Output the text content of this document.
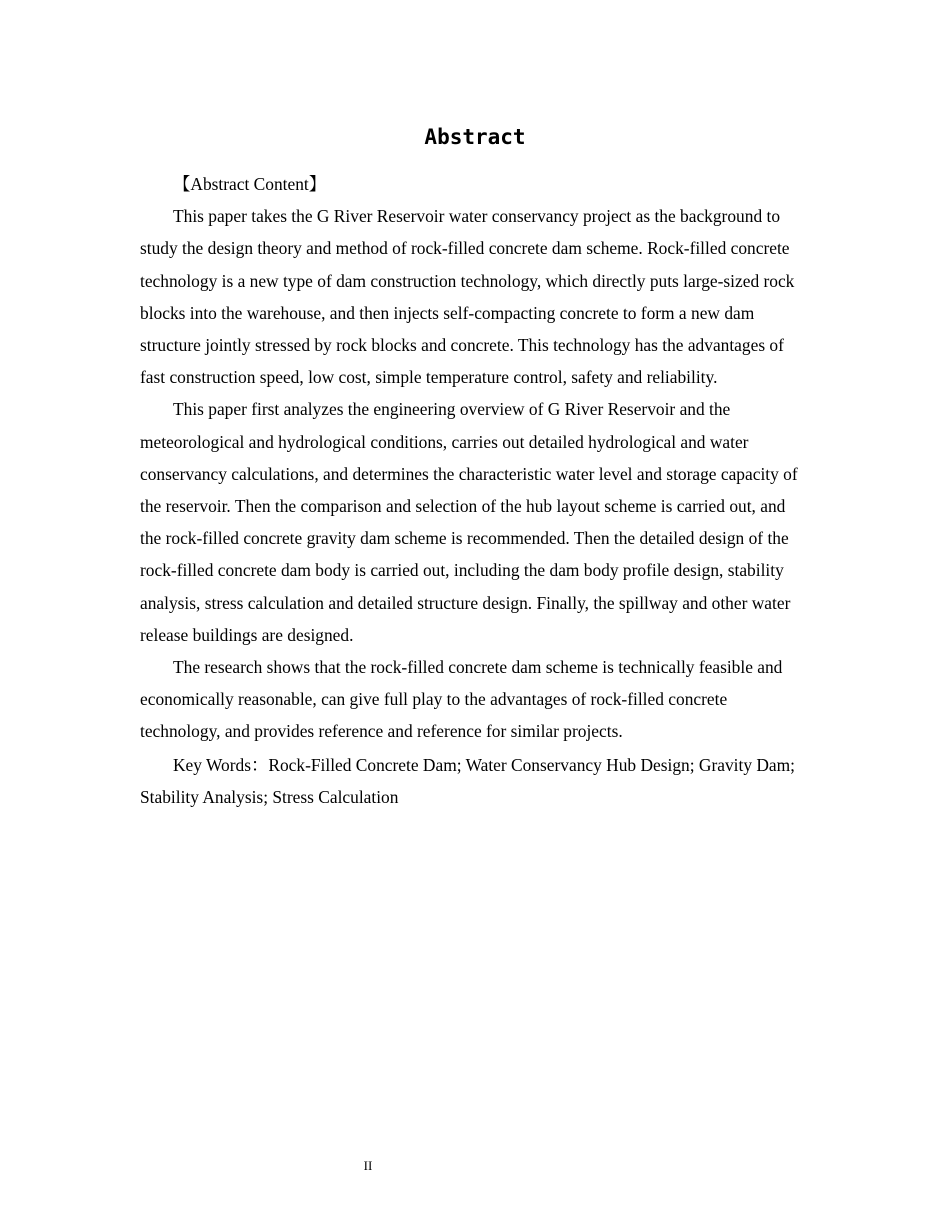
Abstract

【Abstract Content】

This paper takes the G River Reservoir water conservancy project as the background to study the design theory and method of rock-filled concrete dam scheme. Rock-filled concrete technology is a new type of dam construction technology, which directly puts large-sized rock blocks into the warehouse, and then injects self-compacting concrete to form a new dam structure jointly stressed by rock blocks and concrete. This technology has the advantages of fast construction speed, low cost, simple temperature control, safety and reliability.

This paper first analyzes the engineering overview of G River Reservoir and the meteorological and hydrological conditions, carries out detailed hydrological and water conservancy calculations, and determines the characteristic water level and storage capacity of the reservoir. Then the comparison and selection of the hub layout scheme is carried out, and the rock-filled concrete gravity dam scheme is recommended. Then the detailed design of the rock-filled concrete dam body is carried out, including the dam body profile design, stability analysis, stress calculation and detailed structure design. Finally, the spillway and other water release buildings are designed.

The research shows that the rock-filled concrete dam scheme is technically feasible and economically reasonable, can give full play to the advantages of rock-filled concrete technology, and provides reference and reference for similar projects.

Key Words：Rock-Filled Concrete Dam; Water Conservancy Hub Design; Gravity Dam; Stability Analysis; Stress Calculation

II
